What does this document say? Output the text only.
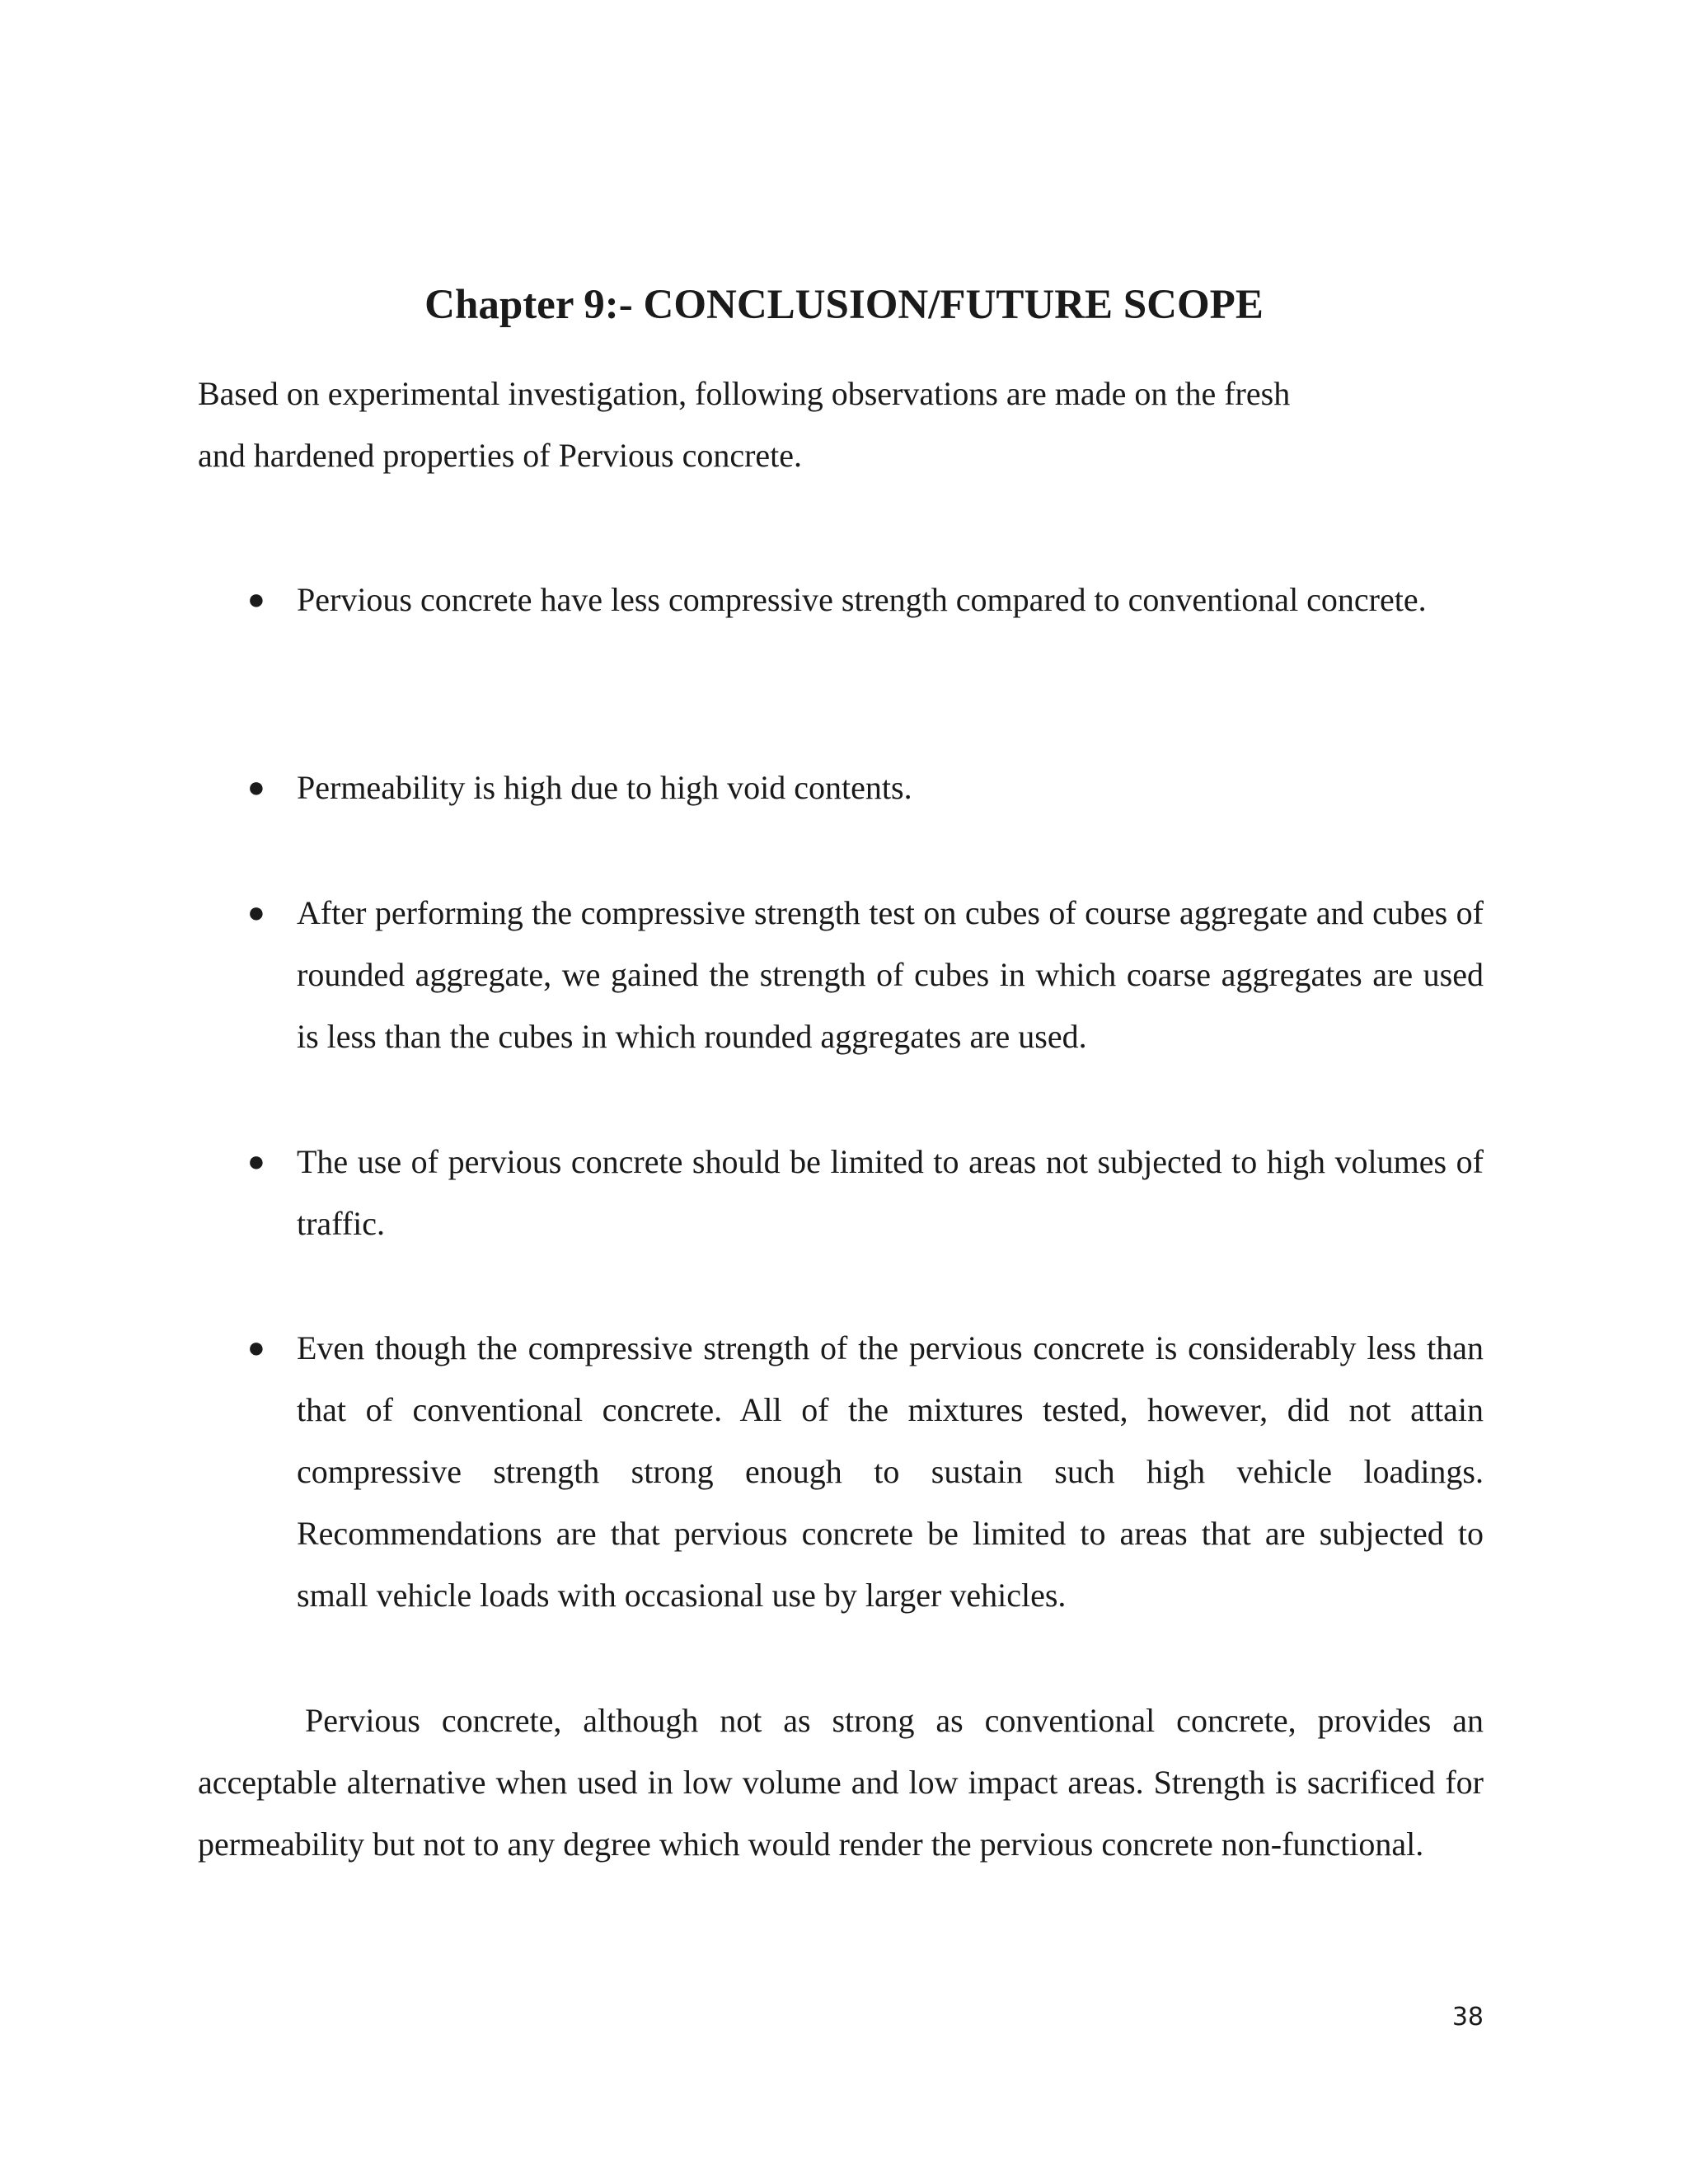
Chapter 9:- CONCLUSION/FUTURE SCOPE

Based on experimental investigation, following observations are made on the fresh
and hardened properties of Pervious concrete.

● Pervious concrete have less compressive strength compared to conventional concrete.

● Permeability is high due to high void contents.

● After performing the compressive strength test on cubes of course aggregate and cubes of rounded aggregate, we gained the strength of cubes in which coarse aggregates are used is less than the cubes in which rounded aggregates are used.

● The use of pervious concrete should be limited to areas not subjected to high volumes of traffic.

● Even though the compressive strength of the pervious concrete is considerably less than that of conventional concrete. All of the mixtures tested, however, did not attain compressive strength strong enough to sustain such high vehicle loadings. Recommendations are that pervious concrete be limited to areas that are subjected to small vehicle loads with occasional use by larger vehicles.

Pervious concrete, although not as strong as conventional concrete, provides an acceptable alternative when used in low volume and low impact areas. Strength is sacrificed for permeability but not to any degree which would render the pervious concrete non-functional.

38
